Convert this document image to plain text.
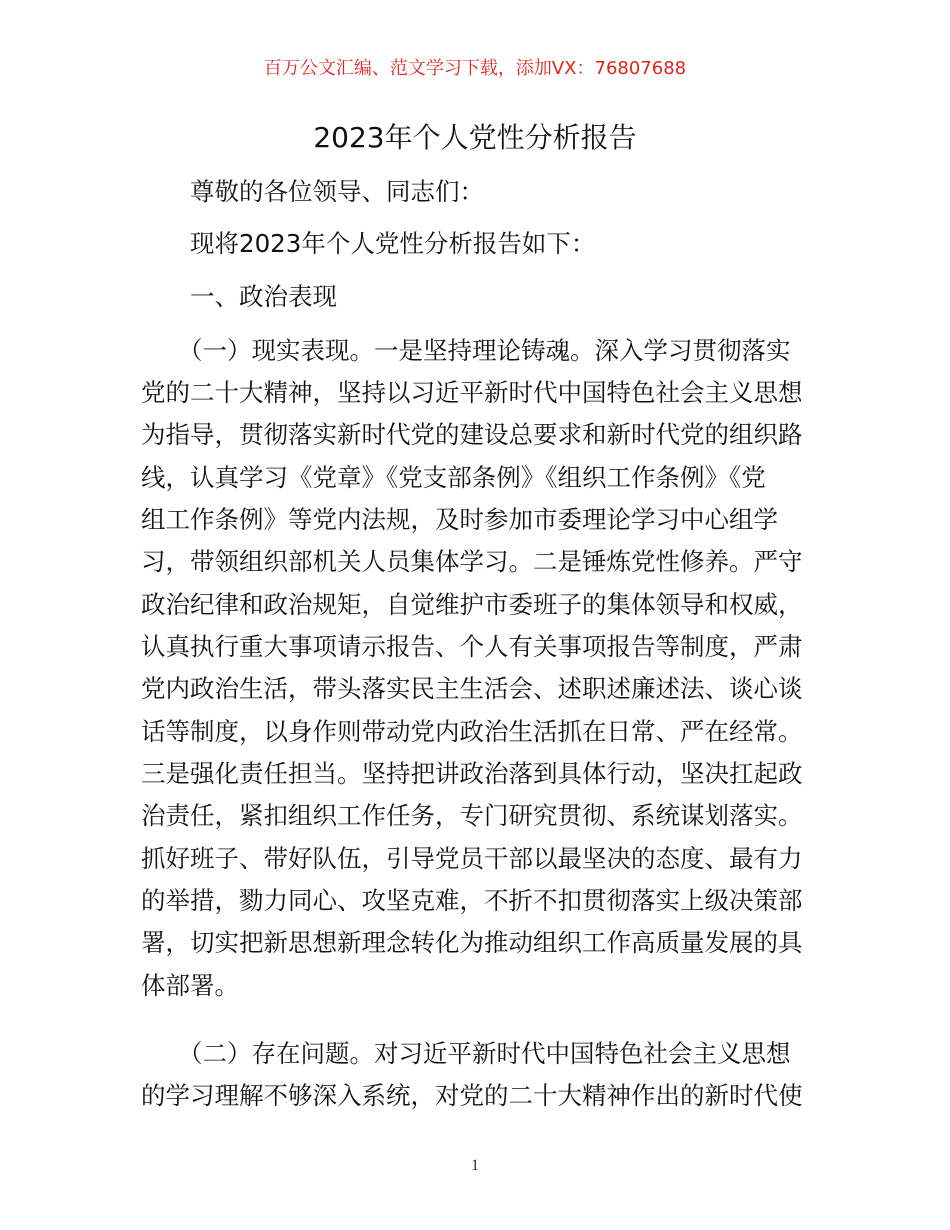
百万公文汇编、范文学习下载，添加VX：76807688
2023年个人党性分析报告
尊敬的各位领导、同志们：
现将2023年个人党性分析报告如下：
一、政治表现
（一）现实表现。一是坚持理论铸魂。深入学习贯彻落实
党的二十大精神，坚持以习近平新时代中国特色社会主义思想
为指导，贯彻落实新时代党的建设总要求和新时代党的组织路
线，认真学习《党章》《党支部条例》《组织工作条例》《党
组工作条例》等党内法规，及时参加市委理论学习中心组学
习，带领组织部机关人员集体学习。二是锤炼党性修养。严守
政治纪律和政治规矩，自觉维护市委班子的集体领导和权威，
认真执行重大事项请示报告、个人有关事项报告等制度，严肃
党内政治生活，带头落实民主生活会、述职述廉述法、谈心谈
话等制度，以身作则带动党内政治生活抓在日常、严在经常。
三是强化责任担当。坚持把讲政治落到具体行动，坚决扛起政
治责任，紧扣组织工作任务，专门研究贯彻、系统谋划落实。
抓好班子、带好队伍，引导党员干部以最坚决的态度、最有力
的举措，勠力同心、攻坚克难，不折不扣贯彻落实上级决策部
署，切实把新思想新理念转化为推动组织工作高质量发展的具
体部署。
（二）存在问题。对习近平新时代中国特色社会主义思想
的学习理解不够深入系统，对党的二十大精神作出的新时代使
1
